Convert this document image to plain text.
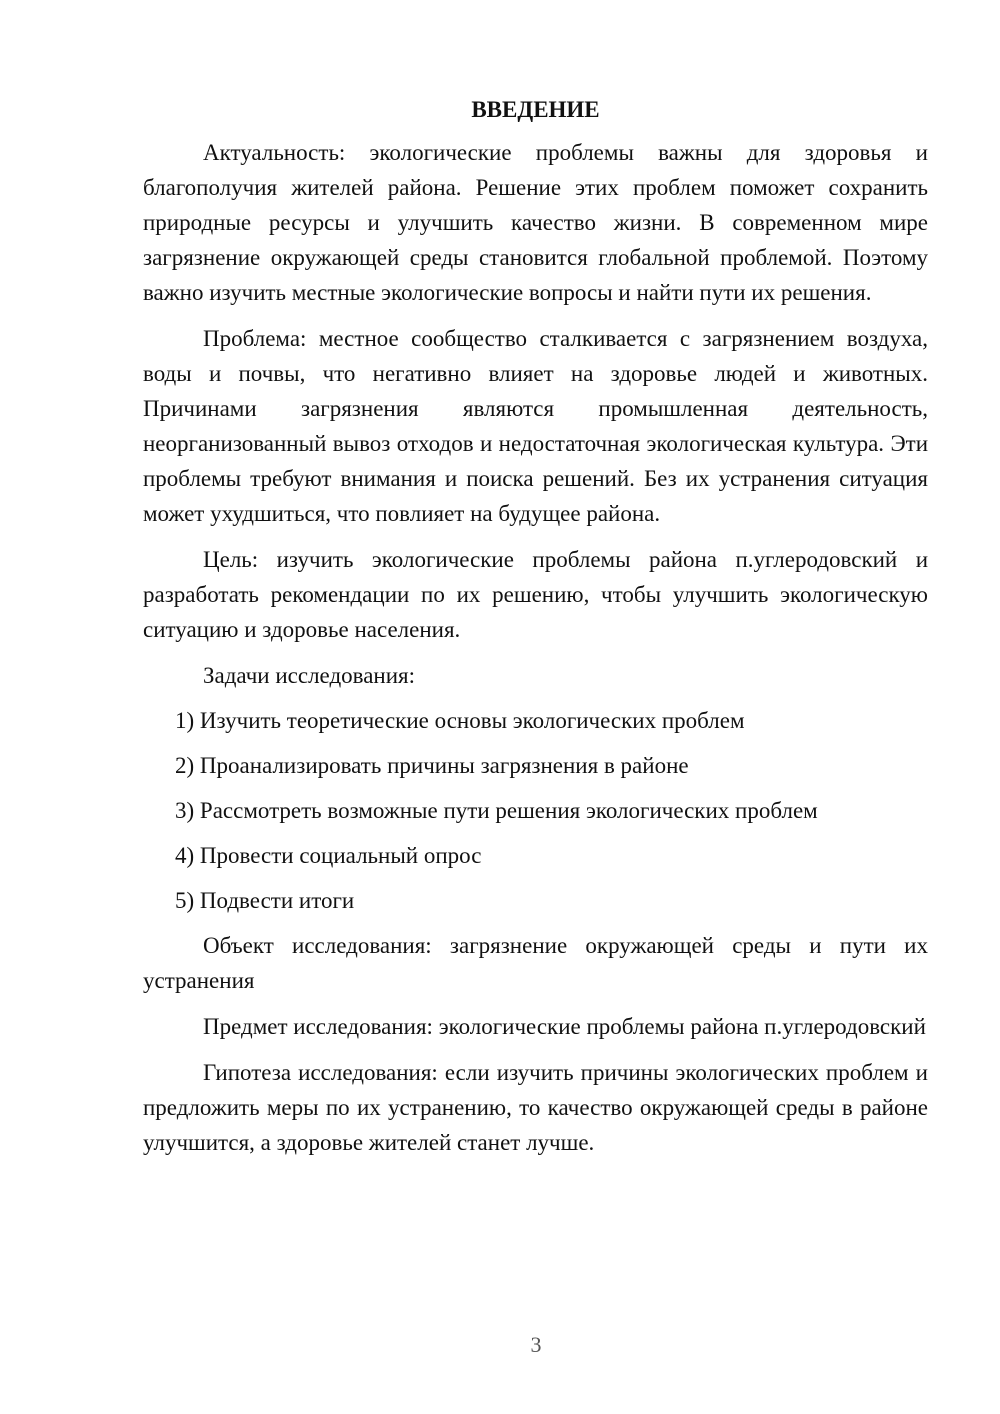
ВВЕДЕНИЕ

Актуальность: экологические проблемы важны для здоровья и благополучия жителей района. Решение этих проблем поможет сохранить природные ресурсы и улучшить качество жизни. В современном мире загрязнение окружающей среды становится глобальной проблемой. Поэтому важно изучить местные экологические вопросы и найти пути их решения.

Проблема: местное сообщество сталкивается с загрязнением воздуха, воды и почвы, что негативно влияет на здоровье людей и животных. Причинами загрязнения являются промышленная деятельность, неорганизованный вывоз отходов и недостаточная экологическая культура. Эти проблемы требуют внимания и поиска решений. Без их устранения ситуация может ухудшиться, что повлияет на будущее района.

Цель: изучить экологические проблемы района п.углеродовский и разработать рекомендации по их решению, чтобы улучшить экологическую ситуацию и здоровье населения.

Задачи исследования:
1) Изучить теоретические основы экологических проблем
2) Проанализировать причины загрязнения в районе
3) Рассмотреть возможные пути решения экологических проблем
4) Провести социальный опрос
5) Подвести итоги

Объект исследования: загрязнение окружающей среды и пути их устранения

Предмет исследования: экологические проблемы района п.углеродовский

Гипотеза исследования: если изучить причины экологических проблем и предложить меры по их устранению, то качество окружающей среды в районе улучшится, а здоровье жителей станет лучше.

3
